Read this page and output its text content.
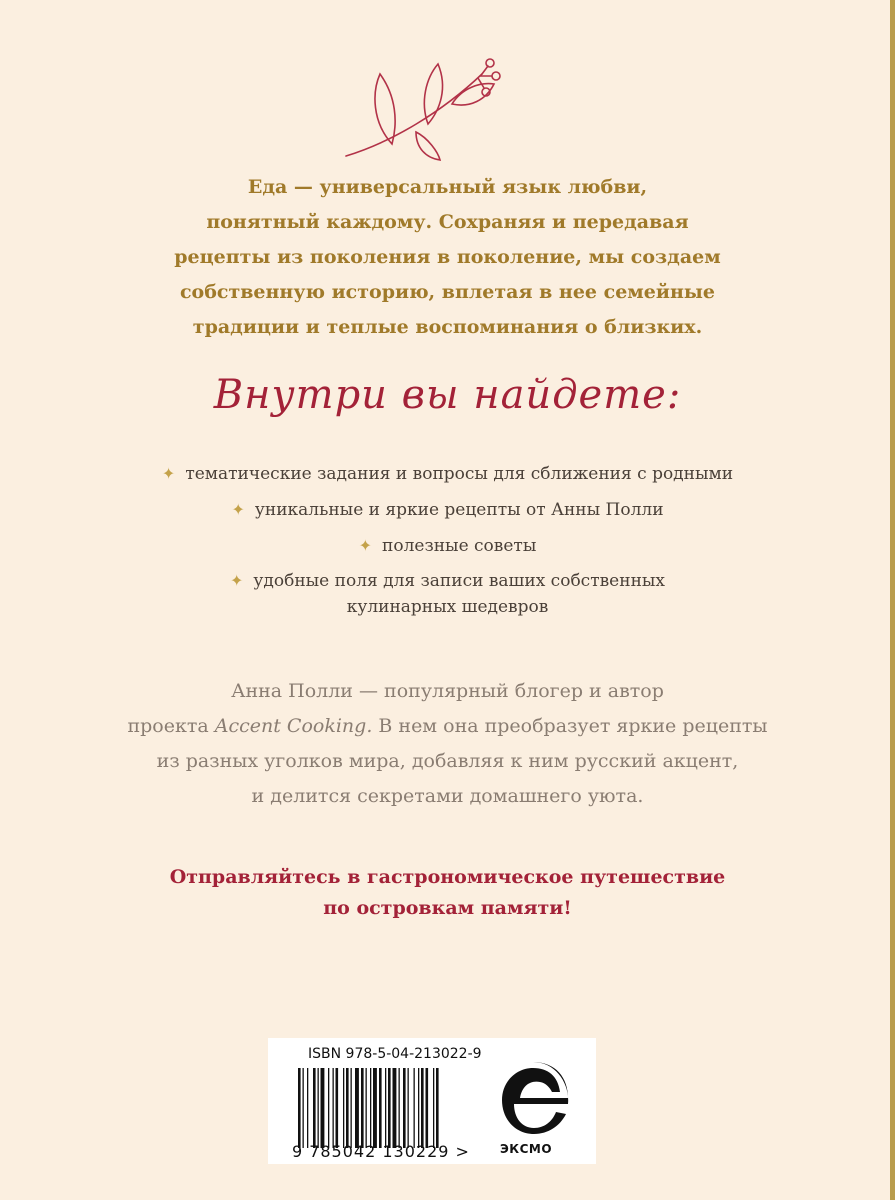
Еда — универсальный язык любви,
понятный каждому. Сохраняя и передавая
рецепты из поколения в поколение, мы создаем
собственную историю, вплетая в нее семейные
традиции и теплые воспоминания о близких.
Внутри вы найдете:
✦ тематические задания и вопросы для сближения с родными
✦ уникальные и яркие рецепты от Анны Полли
✦ полезные советы
✦ удобные поля для записи ваших собственных
кулинарных шедевров
Анна Полли — популярный блогер и автор
проекта Accent Cooking. В нем она преобразует яркие рецепты
из разных уголков мира, добавляя к ним русский акцент,
и делится секретами домашнего уюта.
Отправляйтесь в гастрономическое путешествие
по островкам памяти!
ISBN 978-5-04-213022-9
9 785042 130229 >	ЭКСМО
